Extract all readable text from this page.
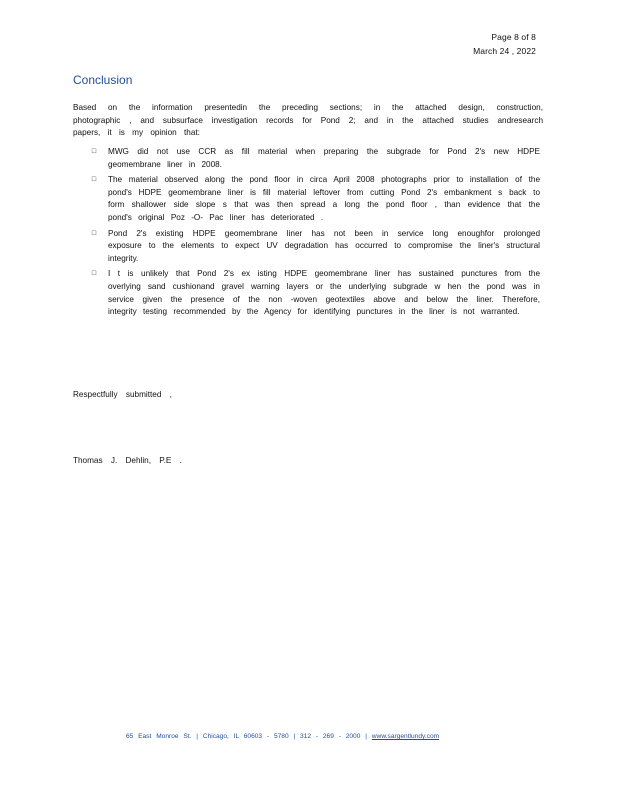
Page 8 of 8
March 24 , 2022
Conclusion

Based on the information presentedin the preceding sections; in the attached design, construction, photographic , and subsurface investigation records for Pond 2; and in the attached studies andresearch papers, it is my opinion that:

□ MWG did not use CCR as fill material when preparing the subgrade for Pond 2's new HDPE geomembrane liner in 2008.
□ The material observed along the pond floor in circa April 2008 photographs prior to installation of the pond's HDPE geomembrane liner is fill material leftover from cutting Pond 2's embankment s back to form shallower side slope s that was then spread a long the pond floor , than evidence that the pond's original Poz -O- Pac liner has deteriorated .
□ Pond 2's existing HDPE geomembrane liner has not been in service long enoughfor prolonged exposure to the elements to expect UV degradation has occurred to compromise the liner's structural integrity.
□ I t is unlikely that Pond 2's ex isting HDPE geomembrane liner has sustained punctures from the overlying sand cushionand gravel warning layers or the underlying subgrade w hen the pond was in service given the presence of the non -woven geotextiles above and below the liner. Therefore, integrity testing recommended by the Agency for identifying punctures in the liner is not warranted.

Respectfully submitted ,

Thomas J. Dehlin, P.E .

65 East Monroe St. | Chicago, IL 60603 - 5780 | 312 - 269 - 2000 | www.sargentlundy.com
